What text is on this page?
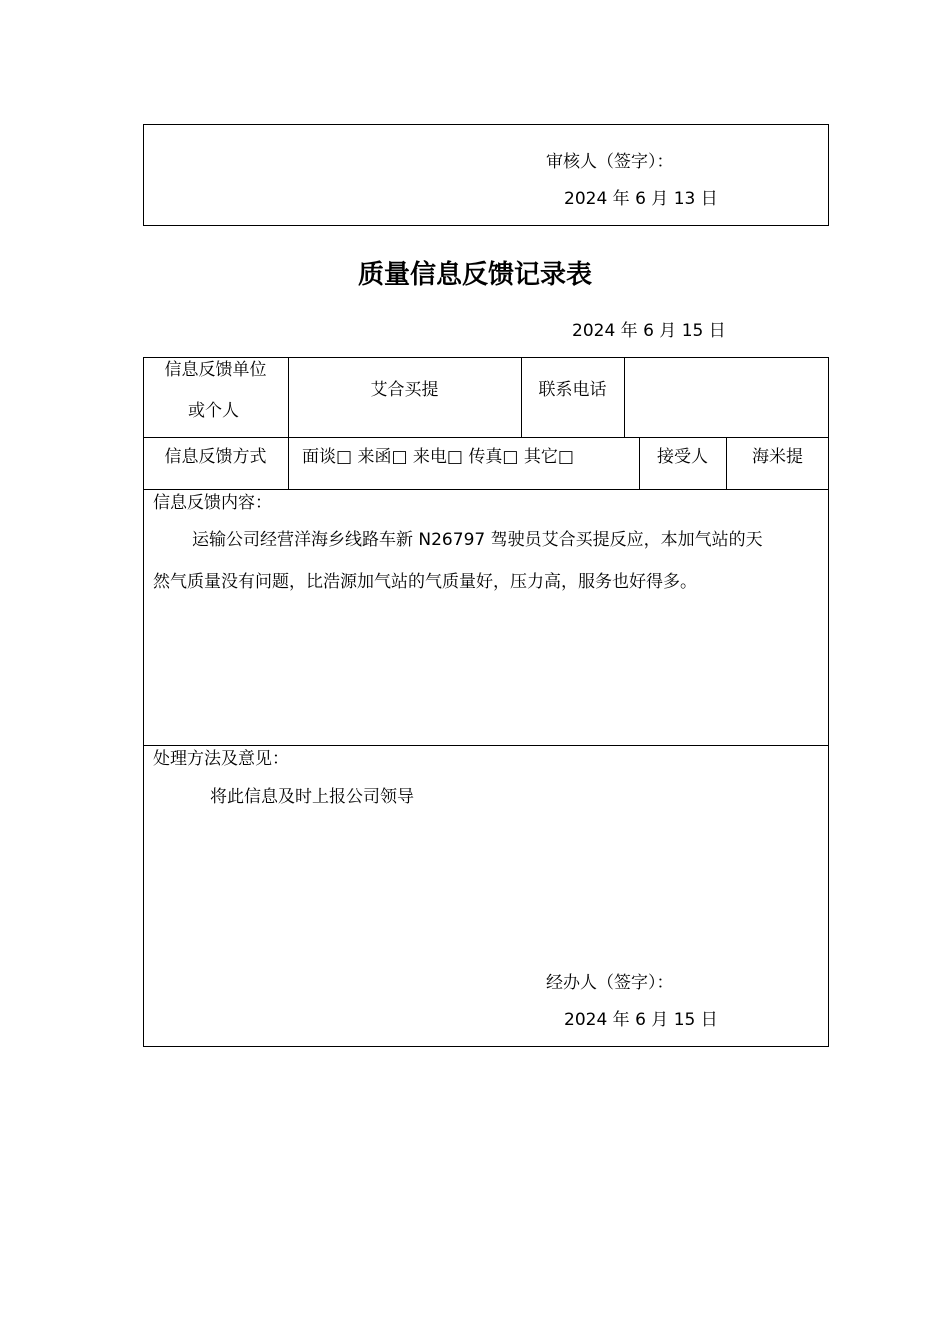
审核人（签字）：
2024 年 6 月 13 日
质量信息反馈记录表
2024 年 6 月 15 日
信息反馈单位
或个人
艾合买提	联系电话
信息反馈方式	面谈□ 来函□ 来电□ 传真□ 其它□	接受人	海米提
信息反馈内容：
运输公司经营洋海乡线路车新 N26797 驾驶员艾合买提反应，本加气站的天
然气质量没有问题，比浩源加气站的气质量好，压力高，服务也好得多。
处理方法及意见：
将此信息及时上报公司领导
经办人（签字）：
2024 年 6 月 15 日
